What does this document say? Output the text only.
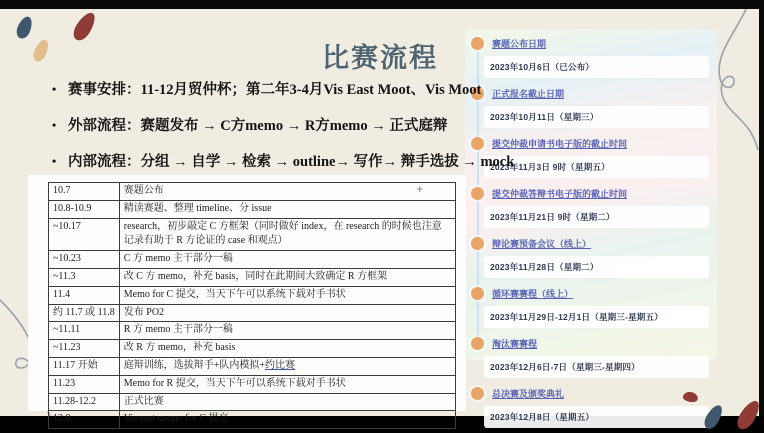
比赛流程
• 赛事安排：11-12月贸仲杯；第二年3-4月Vis East Moot、Vis Moot
• 外部流程：赛题发布 → C方memo → R方memo → 正式庭辩
• 内部流程：分组 → 自学 → 检索 → outline→ 写作→ 辩手选拔 → mock
+
10.7	赛题公布
10.8-10.9	精读赛题、整理 timeline、分 issue
~10.17	research，初步敲定 C 方框架（同时做好 index，在 research 的时候也注意记录有助于 R 方论证的 case 和观点）
~10.23	C 方 memo 主干部分一稿
~11.3	改 C 方 memo，补充 basis，同时在此期间大致确定 R 方框架
11.4	Memo for C 提交，当天下午可以系统下载对手书状
约 11.7 或 11.8	发布 PO2
~11.11	R 方 memo 主干部分一稿
~11.23	改 R 方 memo，补充 basis
11.17 开始	庭辩训练，选拔辩手+队内模拟+约比赛
11.23	Memo for R 提交，当天下午可以系统下载对手书状
11.28-12.2	正式比赛
12.8	Vis east memo for C 提交
赛题公布日期
2023年10月6日（已公布）
正式报名截止日期
2023年10月11日（星期三）
提交仲裁申请书电子版的截止时间
2023年11月3日 9时（星期五）
提交仲裁答辩书电子版的截止时间
2023年11月21日 9时（星期二）
辩论赛预备会议（线上）
2023年11月28日（星期二）
循环赛赛程（线上）
2023年11月29日-12月1日（星期三-星期五）
淘汰赛赛程
2023年12月6日-7日（星期三-星期四）
总决赛及颁奖典礼
2023年12月8日（星期五）
